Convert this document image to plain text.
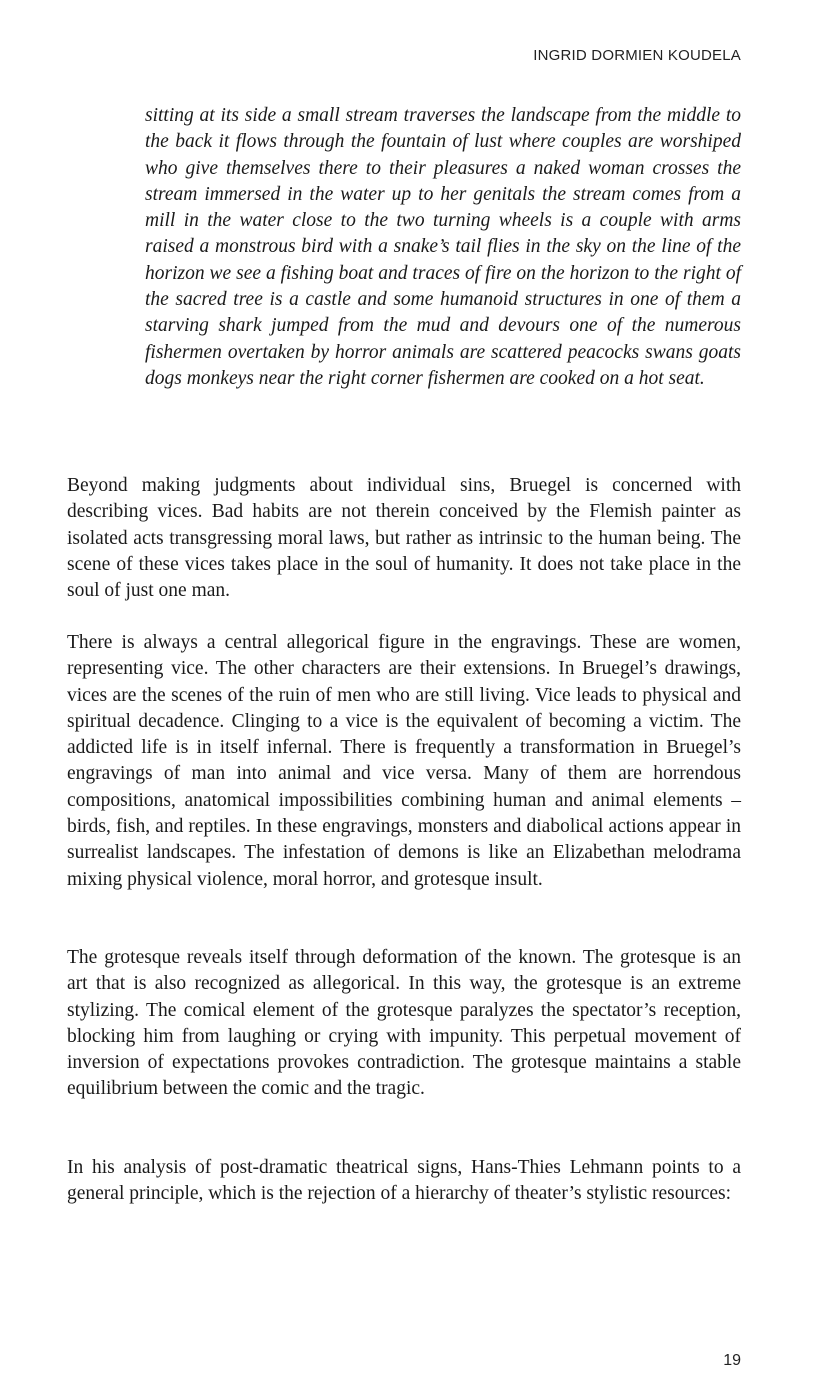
INGRID DORMIEN KOUDELA

sitting at its side a small stream traverses the landscape from the middle to the back it flows through the fountain of lust where couples are worshiped who give themselves there to their pleasures a naked woman crosses the stream immersed in the water up to her genitals the stream comes from a mill in the water close to the two turning wheels is a couple with arms raised a monstrous bird with a snake’s tail flies in the sky on the line of the horizon we see a fishing boat and traces of fire on the horizon to the right of the sacred tree is a castle and some humanoid structures in one of them a starving shark jumped from the mud and devours one of the numerous fishermen overtaken by horror animals are scattered peacocks swans goats dogs monkeys near the right corner fishermen are cooked on a hot seat.

Beyond making judgments about individual sins, Bruegel is concerned with describing vices. Bad habits are not therein conceived by the Flemish painter as isolated acts transgressing moral laws, but rather as intrinsic to the human being. The scene of these vices takes place in the soul of humanity. It does not take place in the soul of just one man.

There is always a central allegorical figure in the engravings. These are women, representing vice. The other characters are their extensions. In Bruegel’s drawings, vices are the scenes of the ruin of men who are still living. Vice leads to physical and spiritual decadence. Clinging to a vice is the equivalent of becoming a victim. The addicted life is in itself infernal. There is frequently a transformation in Bruegel’s engravings of man into animal and vice versa. Many of them are horrendous compositions, anatomical impossibilities combining human and animal elements – birds, fish, and reptiles. In these engravings, monsters and diabolical actions appear in surrealist landscapes. The infestation of demons is like an Elizabethan melodrama mixing physical violence, moral horror, and grotesque insult.

The grotesque reveals itself through deformation of the known. The grotesque is an art that is also recognized as allegorical. In this way, the grotesque is an extreme stylizing. The comical element of the grotesque paralyzes the spectator’s reception, blocking him from laughing or crying with impunity. This perpetual movement of inversion of expectations provokes contradiction. The grotesque maintains a stable equilibrium between the comic and the tragic.

In his analysis of post-dramatic theatrical signs, Hans-Thies Lehmann points to a general principle, which is the rejection of a hierarchy of theater’s stylistic resources:

19
